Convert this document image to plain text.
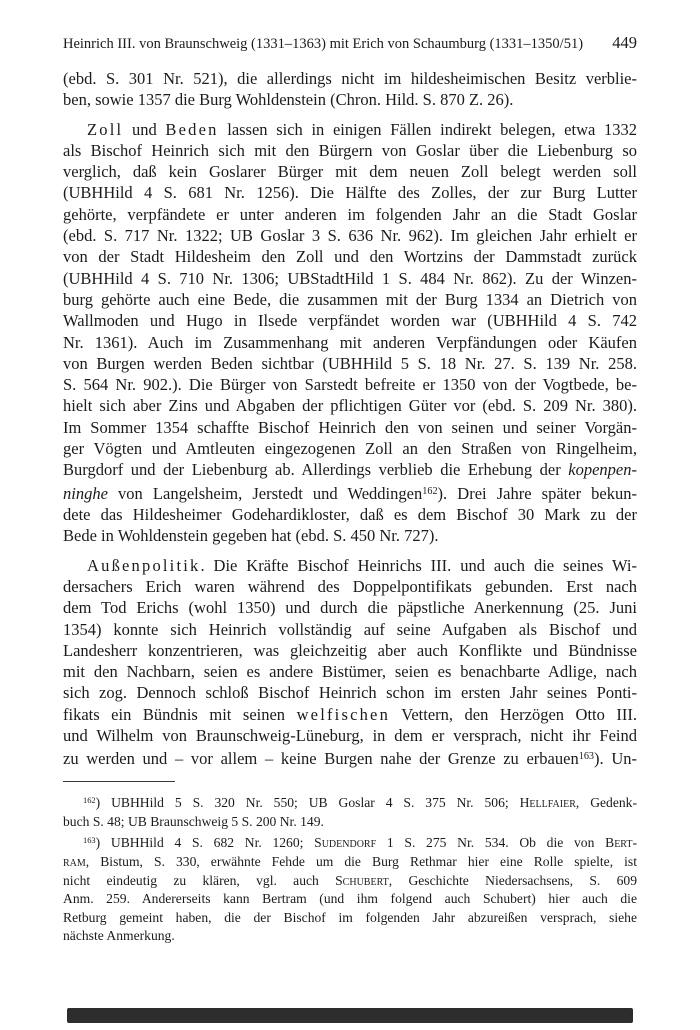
Heinrich III. von Braunschweig (1331–1363) mit Erich von Schaumburg (1331–1350/51) 449
(ebd. S. 301 Nr. 521), die allerdings nicht im hildesheimischen Besitz verblie-
ben, sowie 1357 die Burg Wohldenstein (Chron. Hild. S. 870 Z. 26).
Zoll und Beden lassen sich in einigen Fällen indirekt belegen, etwa 1332
als Bischof Heinrich sich mit den Bürgern von Goslar über die Liebenburg so
verglich, daß kein Goslarer Bürger mit dem neuen Zoll belegt werden soll
(UBHHild 4 S. 681 Nr. 1256). Die Hälfte des Zolles, der zur Burg Lutter
gehörte, verpfändete er unter anderen im folgenden Jahr an die Stadt Goslar
(ebd. S. 717 Nr. 1322; UB Goslar 3 S. 636 Nr. 962). Im gleichen Jahr erhielt er
von der Stadt Hildesheim den Zoll und den Wortzins der Dammstadt zurück
(UBHHild 4 S. 710 Nr. 1306; UBStadtHild 1 S. 484 Nr. 862). Zu der Winzen-
burg gehörte auch eine Bede, die zusammen mit der Burg 1334 an Dietrich von
Wallmoden und Hugo in Ilsede verpfändet worden war (UBHHild 4 S. 742
Nr. 1361). Auch im Zusammenhang mit anderen Verpfändungen oder Käufen
von Burgen werden Beden sichtbar (UBHHild 5 S. 18 Nr. 27. S. 139 Nr. 258.
S. 564 Nr. 902.). Die Bürger von Sarstedt befreite er 1350 von der Vogtbede, be-
hielt sich aber Zins und Abgaben der pflichtigen Güter vor (ebd. S. 209 Nr. 380).
Im Sommer 1354 schaffte Bischof Heinrich den von seinen und seiner Vorgän-
ger Vögten und Amtleuten eingezogenen Zoll an den Straßen von Ringelheim,
Burgdorf und der Liebenburg ab. Allerdings verblieb die Erhebung der kopenpen-
ninghe von Langelsheim, Jerstedt und Weddingen$^{162}$). Drei Jahre später bekun-
dete das Hildesheimer Godehardikloster, daß es dem Bischof 30 Mark zu der
Bede in Wohldenstein gegeben hat (ebd. S. 450 Nr. 727).
Außenpolitik. Die Kräfte Bischof Heinrichs III. und auch die seines Wi-
dersachers Erich waren während des Doppelpontifikats gebunden. Erst nach
dem Tod Erichs (wohl 1350) und durch die päpstliche Anerkennung (25. Juni
1354) konnte sich Heinrich vollständig auf seine Aufgaben als Bischof und
Landesherr konzentrieren, was gleichzeitig aber auch Konflikte und Bündnisse
mit den Nachbarn, seien es andere Bistümer, seien es benachbarte Adlige, nach
sich zog. Dennoch schloß Bischof Heinrich schon im ersten Jahr seines Ponti-
fikats ein Bündnis mit seinen welfischen Vettern, den Herzögen Otto III.
und Wilhelm von Braunschweig-Lüneburg, in dem er versprach, nicht ihr Feind
zu werden und – vor allem – keine Burgen nahe der Grenze zu erbauen$^{163}$). Un-
$^{162}$) UBHHild 5 S. 320 Nr. 550; UB Goslar 4 S. 375 Nr. 506; Hellfaier, Gedenk-
buch S. 48; UB Braunschweig 5 S. 200 Nr. 149.
$^{163}$) UBHHild 4 S. 682 Nr. 1260; Sudendorf 1 S. 275 Nr. 534. Ob die von Bert-
ram, Bistum, S. 330, erwähnte Fehde um die Burg Rethmar hier eine Rolle spielte, ist
nicht eindeutig zu klären, vgl. auch Schubert, Geschichte Niedersachsens, S. 609
Anm. 259. Andererseits kann Bertram (und ihm folgend auch Schubert) hier auch die
Retburg gemeint haben, die der Bischof im folgenden Jahr abzureißen versprach, siehe
nächste Anmerkung.
